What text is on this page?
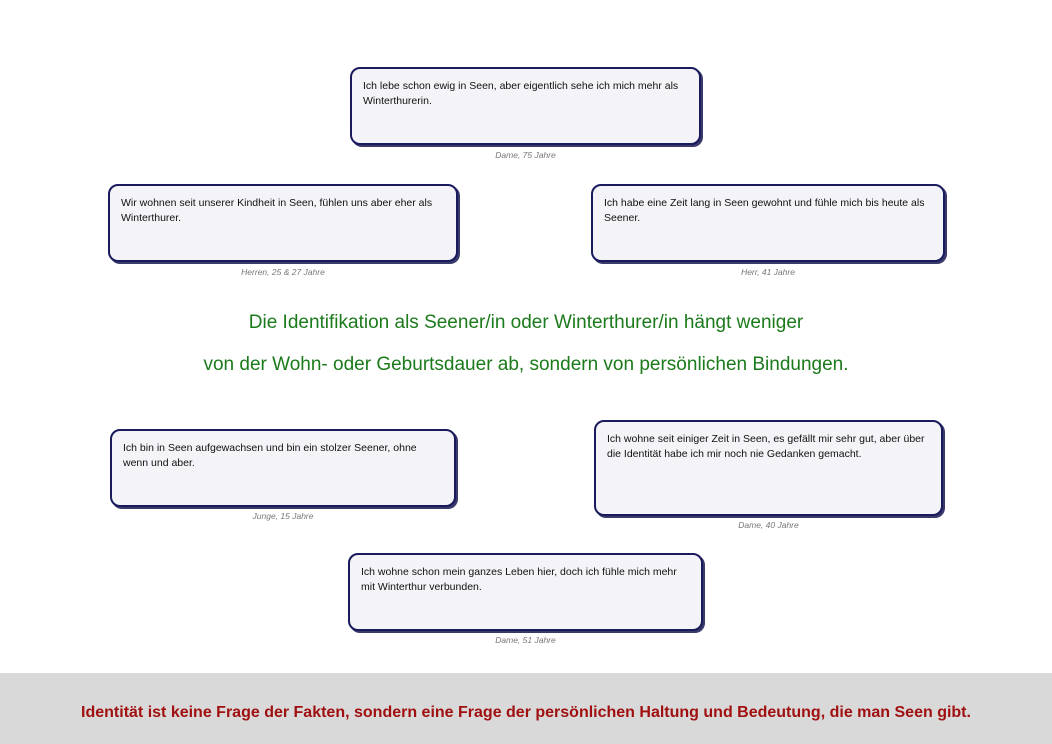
Ich lebe schon ewig in Seen, aber eigentlich sehe ich mich mehr als Winterthurerin.
Dame, 75 Jahre
Wir wohnen seit unserer Kindheit in Seen, fühlen uns aber eher als Winterthurer.
Herren, 25 & 27 Jahre
Ich habe eine Zeit lang in Seen gewohnt und fühle mich bis heute als Seener.
Herr, 41 Jahre
Die Identifikation als Seener/in oder Winterthurer/in hängt weniger
von der Wohn- oder Geburtsdauer ab, sondern von persönlichen Bindungen.
Ich bin in Seen aufgewachsen und bin ein stolzer Seener, ohne wenn und aber.
Junge, 15 Jahre
Ich wohne seit einiger Zeit in Seen, es gefällt mir sehr gut, aber über die Identität habe ich mir noch nie Gedanken gemacht.
Dame, 40 Jahre
Ich wohne schon mein ganzes Leben hier, doch ich fühle mich mehr mit Winterthur verbunden.
Dame, 51 Jahre
Identität ist keine Frage der Fakten, sondern eine Frage der persönlichen Haltung und Bedeutung, die man Seen gibt.
